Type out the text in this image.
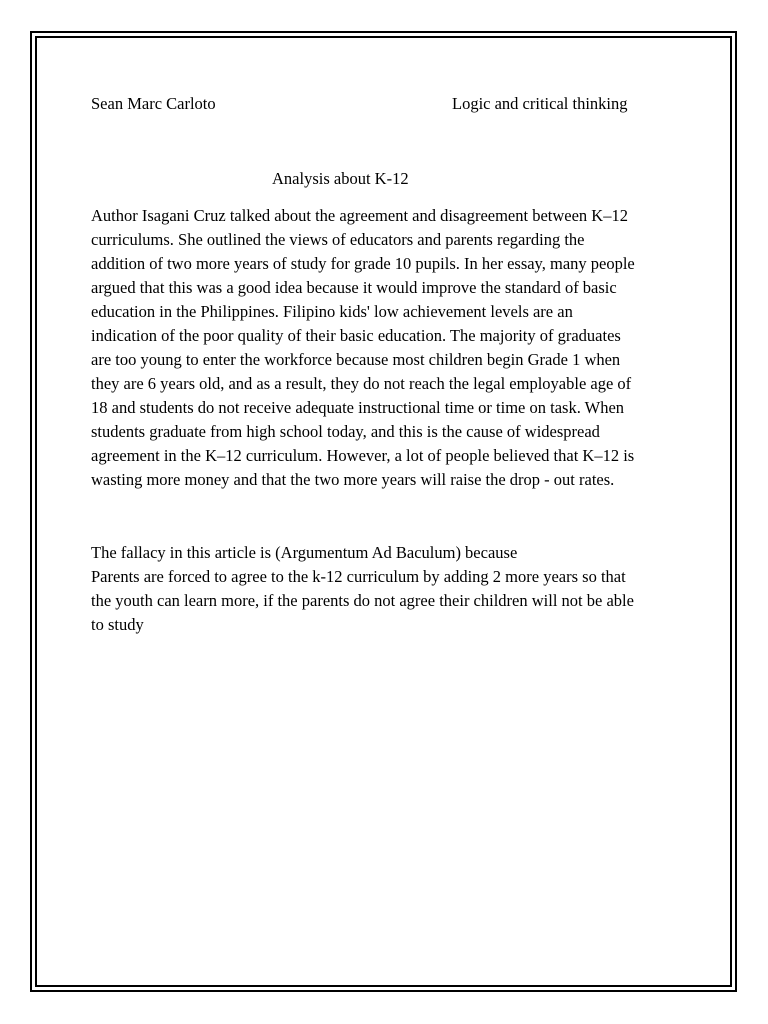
Sean Marc Carloto	Logic and critical thinking
Analysis about K-12
Author Isagani Cruz talked about the agreement and disagreement between K–12
curriculums. She outlined the views of educators and parents regarding the
addition of two more years of study for grade 10 pupils. In her essay, many people
argued that this was a good idea because it would improve the standard of basic
education in the Philippines. Filipino kids' low achievement levels are an
indication of the poor quality of their basic education. The majority of graduates
are too young to enter the workforce because most children begin Grade 1 when
they are 6 years old, and as a result, they do not reach the legal employable age of
18 and students do not receive adequate instructional time or time on task. When
students graduate from high school today, and this is the cause of widespread
agreement in the K–12 curriculum. However, a lot of people believed that K–12 is
wasting more money and that the two more years will raise the drop - out rates.
The fallacy in this article is (Argumentum Ad Baculum) because
Parents are forced to agree to the k-12 curriculum by adding 2 more years so that
the youth can learn more, if the parents do not agree their children will not be able
to study
